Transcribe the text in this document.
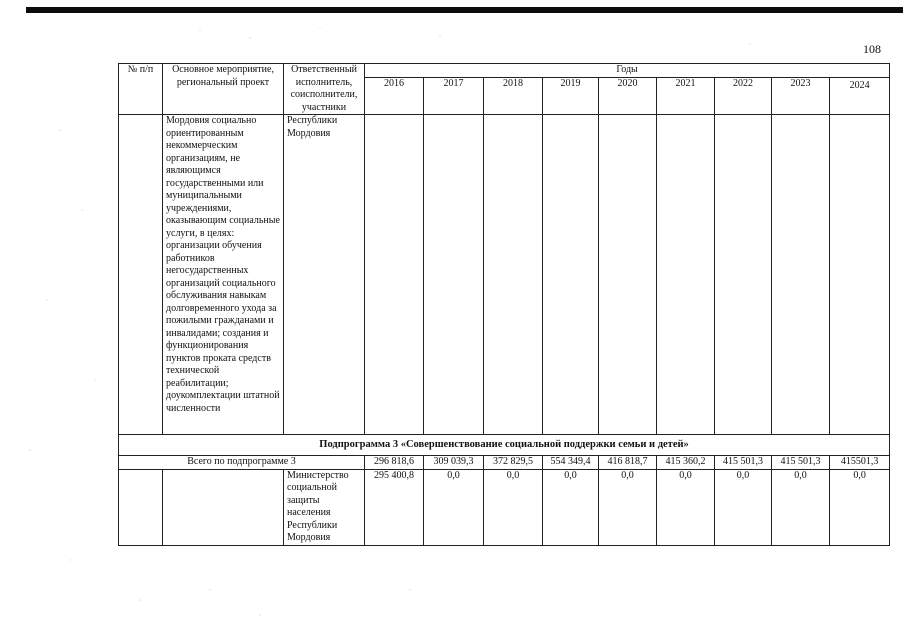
108
№ п/п	Основное мероприятие, региональный проект	Ответственный исполнитель, соисполнители, участники	Годы								
			2016	2017	2018	2019	2020	2021	2022	2023	2024
	Мордовия социально ориентированным некоммерческим организациям, не являющимся государственными или муниципальными учреждениями, оказывающим социальные услуги, в целях: организации обучения работников негосударственных организаций социального обслуживания навыкам долговременного ухода за пожилыми гражданами и инвалидами; создания и функционирования пунктов проката средств технической реабилитации; доукомплектации штатной численности	Республики Мордовия									
Подпрограмма 3 «Совершенствование социальной поддержки семьи и детей»											
Всего по подпрограмме 3			296 818,6	309 039,3	372 829,5	554 349,4	416 818,7	415 360,2	415 501,3	415 501,3	415501,3
		Министерство социальной защиты населения Республики Мордовия	295 400,8	0,0	0,0	0,0	0,0	0,0	0,0	0,0	0,0
